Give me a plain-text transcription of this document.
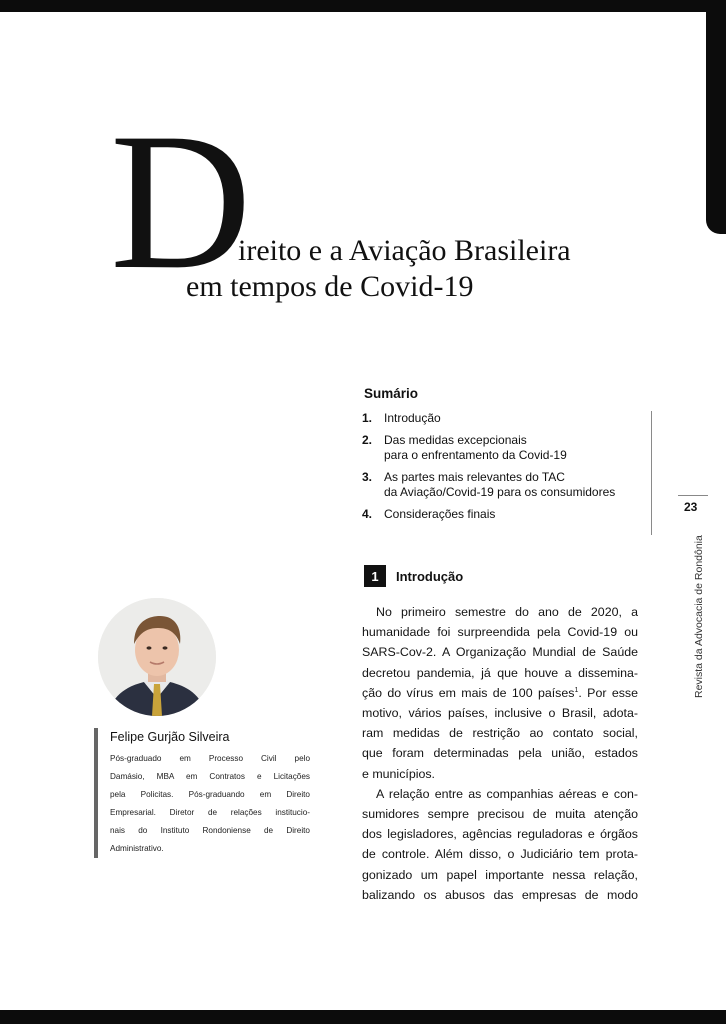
D
ireito e a Aviação Brasileira
em tempos de Covid-19
Sumário
1. Introdução
2. Das medidas excepcionais
para o enfrentamento da Covid-19
3. As partes mais relevantes do TAC
da Aviação/Covid-19 para os consumidores
4. Considerações finais	23
Revista da Advocacia de Rondônia
1	Introdução
No primeiro semestre do ano de 2020, a
humanidade foi surpreendida pela Covid-19 ou
SARS-Cov-2. A Organização Mundial de Saúde
decretou pandemia, já que houve a dissemina-
ção do vírus em mais de 100 países$^1$. Por esse
motivo, vários países, inclusive o Brasil, adota-
ram medidas de restrição ao contato social,
que foram determinadas pela união, estados
e municípios.
A relação entre as companhias aéreas e con-
sumidores sempre precisou de muita atenção
dos legisladores, agências reguladoras e órgãos
de controle. Além disso, o Judiciário tem prota-
gonizado um papel importante nessa relação,
balizando os abusos das empresas de modo
Felipe Gurjão Silveira
Pós-graduado em Processo Civil pelo
Damásio, MBA em Contratos e Licitações
pela Policitas. Pós-graduando em Direito
Empresarial. Diretor de relações institucio-
nais do Instituto Rondoniense de Direito
Administrativo.
